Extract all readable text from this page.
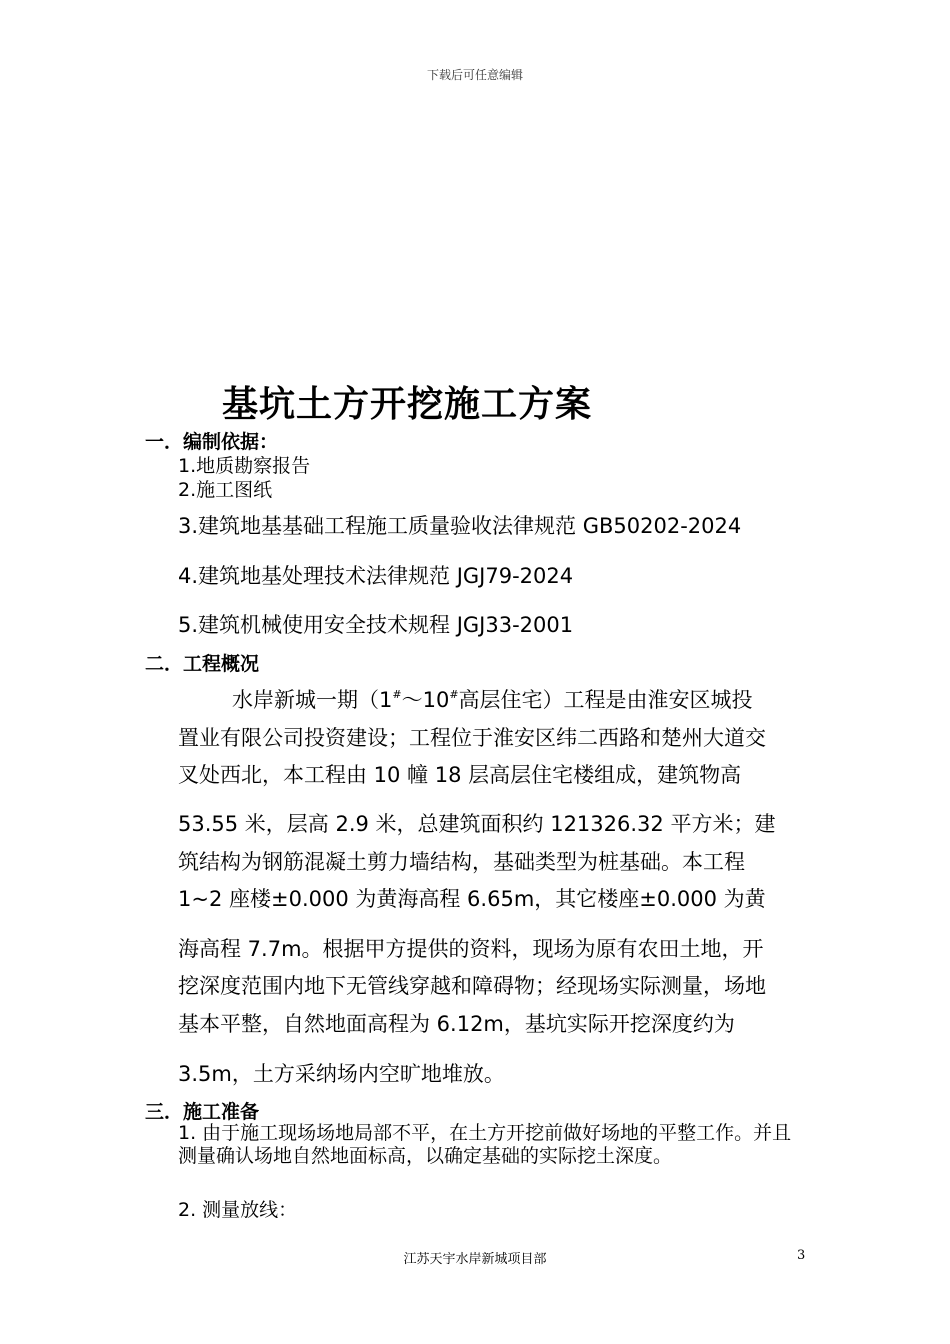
下载后可任意编辑
基坑土方开挖施工方案
一．编制依据：
1.地质勘察报告
2.施工图纸
3.建筑地基基础工程施工质量验收法律规范 GB50202-2024
4.建筑地基处理技术法律规范 JGJ79-2024
5.建筑机械使用安全技术规程 JGJ33-2001
二．工程概况
水岸新城一期（1#～10#高层住宅）工程是由淮安区城投
置业有限公司投资建设；工程位于淮安区纬二西路和楚州大道交
叉处西北，本工程由 10 幢 18 层高层住宅楼组成，建筑物高
53.55 米，层高 2.9 米，总建筑面积约 121326.32 平方米；建
筑结构为钢筋混凝土剪力墙结构，基础类型为桩基础。本工程
1~2 座楼±0.000 为黄海高程 6.65m，其它楼座±0.000 为黄
海高程 7.7m。根据甲方提供的资料，现场为原有农田土地，开
挖深度范围内地下无管线穿越和障碍物；经现场实际测量，场地
基本平整，自然地面高程为 6.12m，基坑实际开挖深度约为
3.5m，土方采纳场内空旷地堆放。
三．施工准备
1. 由于施工现场场地局部不平，在土方开挖前做好场地的平整工作。并且测量确认场地自然地面标高，以确定基础的实际挖土深度。
2. 测量放线：
江苏天宇水岸新城项目部	3
